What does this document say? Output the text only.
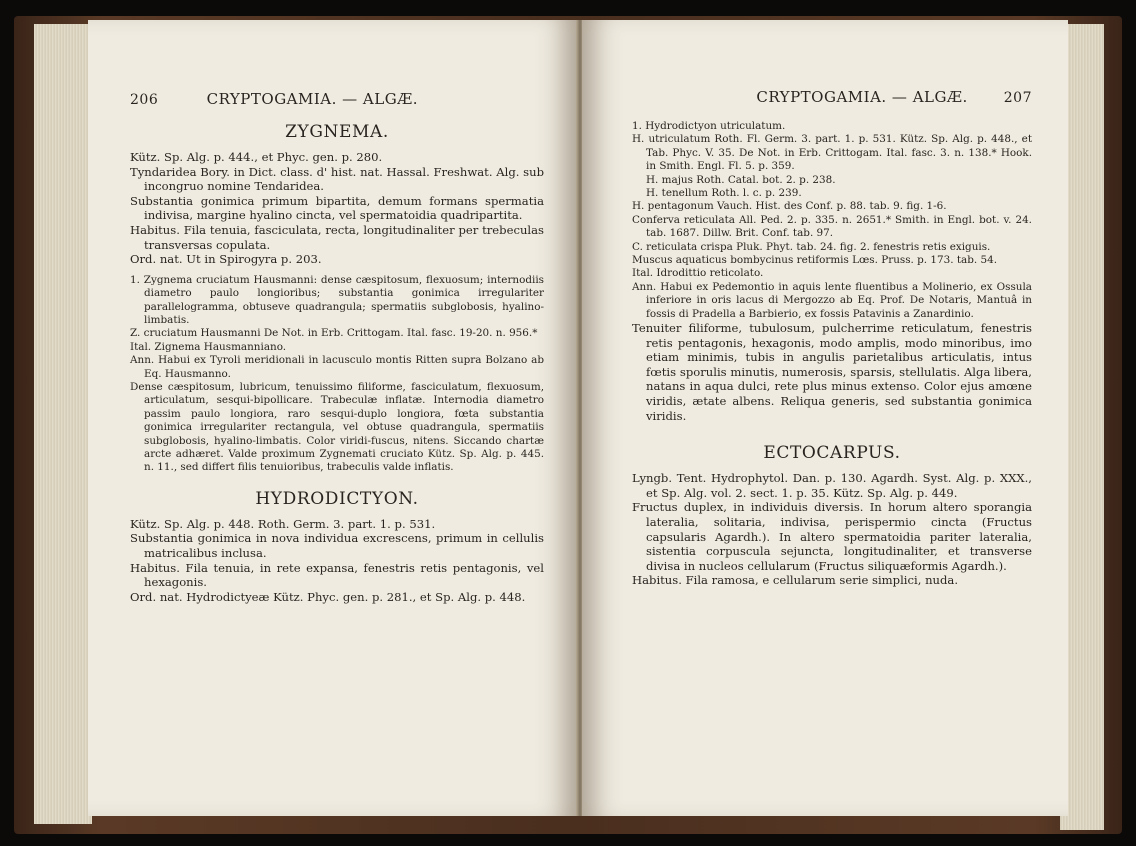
206	CRYPTOGAMIA. — ALGÆ.
ZYGNEMA.

Kütz. Sp. Alg. p. 444., et Phyc. gen. p. 280.

Tyndaridea Bory. in Dict. class. d' hist. nat. Hassal. Freshwat. Alg. sub incongruo nomine Tendaridea.

Substantia gonimica primum bipartita, demum formans spermatia indivisa, margine hyalino cincta, vel spermatoidia quadripartita.

Habitus. Fila tenuia, fasciculata, recta, longitudinaliter per trebeculas transversas copulata.

Ord. nat. Ut in Spirogyra p. 203.

1. Zygnema cruciatum Hausmanni: dense cæspitosum, flexuosum; internodiis diametro paulo longioribus; substantia gonimica irregulariter parallelogramma, obtuseve quadrangula; spermatiis subglobosis, hyalino-limbatis.

Z. cruciatum Hausmanni De Not. in Erb. Crittogam. Ital. fasc. 19-20. n. 956.*

Ital. Zignema Hausmanniano.

Ann. Habui ex Tyroli meridionali in lacusculo montis Ritten supra Bolzano ab Eq. Hausmanno.

Dense cæspitosum, lubricum, tenuissimo filiforme, fasciculatum, flexuosum, articulatum, sesqui-bipollicare. Trabeculæ inflatæ. Internodia diametro passim paulo longiora, raro sesqui-duplo longiora, fœta substantia gonimica irregulariter rectangula, vel obtuse quadrangula, spermatiis subglobosis, hyalino-limbatis. Color viridi-fuscus, nitens. Siccando chartæ arcte adhæret. Valde proximum Zygnemati cruciato Kütz. Sp. Alg. p. 445. n. 11., sed differt filis tenuioribus, trabeculis valde inflatis.

HYDRODICTYON.

Kütz. Sp. Alg. p. 448. Roth. Germ. 3. part. 1. p. 531.

Substantia gonimica in nova individua excrescens, primum in cellulis matricalibus inclusa.

Habitus. Fila tenuia, in rete expansa, fenestris retis pentagonis, vel hexagonis.

Ord. nat. Hydrodictyeæ Kütz. Phyc. gen. p. 281., et Sp. Alg. p. 448.

CRYPTOGAMIA. — ALGÆ.	207

1. Hydrodictyon utriculatum.

H. utriculatum Roth. Fl. Germ. 3. part. 1. p. 531. Kütz. Sp. Alg. p. 448., et Tab. Phyc. V. 35. De Not. in Erb. Crittogam. Ital. fasc. 3. n. 138.* Hook. in Smith. Engl. Fl. 5. p. 359.

H. majus Roth. Catal. bot. 2. p. 238.

H. tenellum Roth. l. c. p. 239.

H. pentagonum Vauch. Hist. des Conf. p. 88. tab. 9. fig. 1-6.

Conferva reticulata All. Ped. 2. p. 335. n. 2651.* Smith. in Engl. bot. v. 24. tab. 1687. Dillw. Brit. Conf. tab. 97.

C. reticulata crispa Pluk. Phyt. tab. 24. fig. 2. fenestris retis exiguis.

Muscus aquaticus bombycinus retiformis Lœs. Pruss. p. 173. tab. 54.

Ital. Idrodittio reticolato.

Ann. Habui ex Pedemontio in aquis lente fluentibus a Molinerio, ex Ossula inferiore in oris lacus di Mergozzo ab Eq. Prof. De Notaris, Mantuâ in fossis di Pradella a Barbierio, ex fossis Patavinis a Zanardinio.

Tenuiter filiforme, tubulosum, pulcherrime reticulatum, fenestris retis pentagonis, hexagonis, modo amplis, modo minoribus, imo etiam minimis, tubis in angulis parietalibus articulatis, intus fœtis sporulis minutis, numerosis, sparsis, stellulatis. Alga libera, natans in aqua dulci, rete plus minus extenso. Color ejus amœne viridis, ætate albens. Reliqua generis, sed substantia gonimica viridis.

ECTOCARPUS.

Lyngb. Tent. Hydrophytol. Dan. p. 130. Agardh. Syst. Alg. p. XXX., et Sp. Alg. vol. 2. sect. 1. p. 35. Kütz. Sp. Alg. p. 449.

Fructus duplex, in individuis diversis. In horum altero sporangia lateralia, solitaria, indivisa, perispermio cincta (Fructus capsularis Agardh.). In altero spermatoidia pariter lateralia, sistentia corpuscula sejuncta, longitudinaliter, et transverse divisa in nucleos cellularum (Fructus siliquæformis Agardh.).

Habitus. Fila ramosa, e cellularum serie simplici, nuda.
